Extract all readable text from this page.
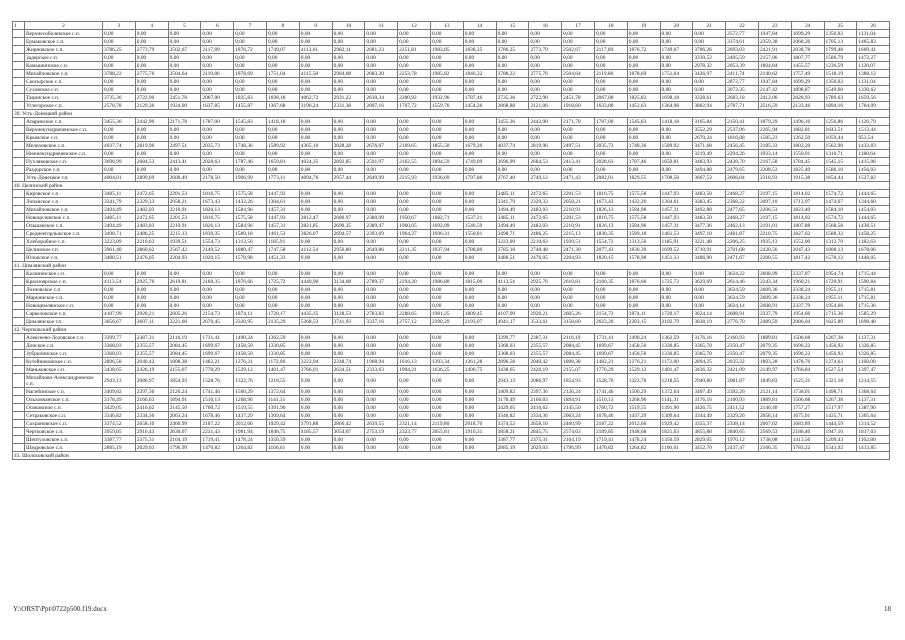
1	2	3	4	5	6	7	8	9	10	11	12	13	14	15	16	17	18	19	20	21	22	23	24	25	26
	Верхнесоболевское с.п.	0,00	0,00	0,00	0,00	0,00	0,00	0,00	0,00	0,00	0,00	0,00	0,00	0,00	0,00	0,00	0,00	0,00	0,00	0,00	2572,77	1947,84	1699,29	1350,02	1131,04
	Ермаковское с.п.	0,00	0,00	0,00	0,00	0,00	0,00	0,00	0,00	0,00	0,00	0,00	0,00	0,00	0,00	0,00	0,00	0,00	0,00	0,00	3374,61	2359,38	2068,26	1705,13	1465,83
	Жирновское с.п.	3786,25	2773,79	2502,67	2117,89	1876,72	1749,07	4113,61	2982,11	2681,23	2251,81	1983,85	1838,35	3786,25	2773,79	2502,67	2117,89	1876,72	1749,07	3706,26	2693,03	2421,91	2038,78	1799,48	1669,41
	Задерское с.п.	0,00	0,00	0,00	0,00	0,00	0,00	0,00	0,00	0,00	0,00	0,00	0,00	0,00	0,00	0,00	0,00	0,00	0,00	3330,52	2405,59	2157,06	1807,77	1586,79	1472,27
	Комышинское с.п.	0,00	0,00	0,00	0,00	0,00	0,00	0,00	0,00	0,00	0,00	0,00	0,00	0,00	0,00	0,00	0,00	0,00	0,00	2978,32	2053,39	1804,84	1455,57	1236,59	1120,07
	Михайловское с.п.	3788,22	2775,76	2504,64	2119,86	1878,69	1751,04	4115,58	2984,08	2683,20	2253,78	1985,82	1840,32	3788,22	2775,76	2504,64	2119,86	1878,69	1751,04	3426,97	2411,74	2140,62	1757,49	1518,19	1388,12
	Скосырское с.п.	0,00	0,00	0,00	0,00	0,00	0,00	0,00	0,00	0,00	0,00	0,00	0,00	0,00	0,00	0,00	0,00	0,00	0,00	0,00	2872,77	1947,84	1699,29	1350,02	1131,04
	Суховское с.п.	0,00	0,00	0,00	0,00	0,00	0,00	0,00	0,00	0,00	0,00	0,00	0,00	0,00	0,00	0,00	0,00	0,00	0,00	0,00	3072,35	2147,42	1898,87	1549,60	1330,62
	Тацинское с.п.	3735,36	2722,90	2451,78	2067,00	1825,83	1698,18	4062,72	2931,22	2630,34	2200,92	1932,96	1787,46	3735,36	2722,90	2451,78	2067,00	1825,83	1698,18	3328,61	2683,18	2412,06	2028,93	1789,63	1659,56
	Углегорское с.п.	2578,78	2129,36	1924,00	1637,85	1455,87	1367,68	3196,24	2331,38	2097,16	1767,72	1559,76	1454,26	2868,88	2121,06	1918,60	1633,80	1452,63	1364,98	3802,94	2787,71	2516,59	2133,46	1894,16	1764,09
39. Усть-Донецкий район																									
	Апаринское с.п.	3455,36	2442,90	2171,78	1787,00	1545,83	1418,18	0,00	0,00	0,00	0,00	0,00	0,00	3455,36	2442,90	2171,78	1787,00	1545,83	1418,18	3165,84	2150,41	1879,29	1496,16	1256,86	1126,79
	Верхнекундрюченское с.п.	0,00	0,00	0,00	0,00	0,00	0,00	0,00	0,00	0,00	0,00	0,00	0,00	0,00	0,00	0,00	0,00	0,00	0,00	3552,29	2537,06	2265,94	1882,81	1643,51	1513,44
	Крымское с.п.	0,00	0,00	0,00	0,00	0,00	0,00	0,00	0,00	0,00	0,00	0,00	0,00	0,00	0,00	0,00	0,00	0,00	0,00	2670,24	1816,08	1585,23	1262,50	1059,44	953,54
	Мелиховское с.п.	4037,74	2819,96	2497,51	2035,73	1748,36	1589,92	4365,10	3028,28	2676,07	2169,65	1855,50	1679,20	4037,74	2819,96	2497,51	2035,73	1748,36	1589,92	3471,68	2456,45	2185,33	1802,20	1562,90	1432,83
	Нижнекундрюченское с.п.	0,00	0,00	0,00	0,00	0,00	0,00	0,00	0,00	0,00	0,00	0,00	0,00	0,00	0,00	0,00	0,00	0,00	0,00	3219,49	2294,26	1933,14	1550,01	1310,71	1180,64
	Пухляковское с.п.	3696,99	2684,53	2413,41	2028,63	1787,46	1659,81	4024,35	2892,85	2591,97	2162,55	1894,59	1749,09	3696,99	2684,53	2413,41	2028,63	1787,46	1659,81	3483,93	2438,70	2167,58	1784,45	1545,15	1415,08
	Раздорское с.п.	0,00	0,00	0,00	0,00	0,00	0,00	0,00	0,00	0,00	0,00	0,00	0,00	0,00	0,00	0,00	0,00	0,00	0,00	3494,88	2479,65	2208,53	1825,40	1586,10	1456,03
	Усть-Донецкое г.п.	4004,01	2899,69	2600,49	2178,50	1906,99	1773,11	4094,76	2957,44	2649,99	2215,93	1936,69	1797,86	3767,40	2749,12	2471,43	2082,01	1829,55	1708,58	3667,53	2606,04	2318,93	1915,38	1654,44	1527,82
40. Целинский район																									
	Кировское с.п.	3485,11	2472,65	2201,53	1816,75	1575,58	1447,93	0,00	0,00	0,00	0,00	0,00	0,00	3485,11	2472,65	2201,53	1816,75	1575,58	1447,93	3483,50	2468,27	2197,15	1814,02	1574,72	1444,65
	Лопанское с.п.	3341,79	2329,33	2058,21	1673,43	1432,26	1304,61	0,00	0,00	0,00	0,00	0,00	0,00	3341,79	2329,33	2058,21	1673,43	1432,26	1304,61	3383,45	2368,22	2097,10	1713,97	1474,67	1344,60
	Михайловское с.п.	3494,49	2482,03	2210,91	1826,13	1584,96	1457,31	0,00	0,00	0,00	0,00	0,00	0,00	3494,49	2482,03	2210,91	1826,13	1584,96	1457,31	3492,88	2477,65	2206,53	1823,40	1584,10	1454,03
	Новоцелинское с.п.	3485,11	2472,65	2201,53	1816,75	1575,58	1447,93	3812,47	2680,97	2380,09	1950,67	1682,71	1537,21	3485,11	2472,65	2201,53	1816,75	1575,58	1447,93	3483,50	2468,27	2197,15	1814,02	1574,72	1444,65
	Ольшанское с.п.	3494,49	2483,03	2210,91	1826,13	1584,96	1457,31	3821,85	2690,35	2389,47	1960,05	1692,09	1546,59	3494,49	2482,03	2210,91	1826,13	1584,96	1457,31	3477,36	2462,13	2191,01	1807,88	1568,58	1438,51
	Среднеегорлыкское с.п.	3498,71	2486,25	2215,13	1830,35	1589,18	1461,53	3826,07	2694,57	2393,69	1964,37	1696,31	1550,81	3498,71	2486,25	2215,13	1830,35	1589,18	1461,53	3497,10	2481,87	2210,75	1827,62	1588,32	1458,25
	Хлеборобное с.п.	3223,09	2210,63	1939,51	1554,73	1313,56	1185,91	0,00	0,00	0,00	0,00	0,00	0,00	3223,09	2210,63	1939,51	1554,73	1313,56	1185,91	3221,48	2206,25	1935,13	1552,00	1312,70	1182,63
	Целинское г.п.	3961,40	2860,62	2567,42	2149,52	1880,47	1747,58	4112,54	2956,80	2649,86	2211,35	1937,94	1788,80	3785,18	2748,48	2471,30	2077,43	1830,30	1699,52	3710,91	2701,68	2430,56	2047,43	1808,13	1678,06
	Юловское с.п.	3488,51	2476,05	2204,93	1820,15	1578,98	1451,33	0,00	0,00	0,00	0,00	0,00	0,00	3488,51	2476,05	2204,93	1820,15	1578,98	1451,33	3486,90	2471,67	2200,55	1817,42	1578,12	1448,05
41. Цимлянский район																									
	Калининское с.п.	0,00	0,00	0,00	0,00	0,00	0,00	0,00	0,00	0,00	0,00	0,00	0,00	0,00	0,00	0,00	0,00	0,00	0,00	0,00	3624,22	2608,99	2337,87	1954,74	1715,44
	Красноярское с.п.	4113,54	2925,76	2610,81	2160,35	1876,66	1725,72	4440,90	3134,08	2789,37	2294,20	1986,80	1815,00	4113,54	2925,76	2610,81	2160,35	1876,66	1725,72	3629,69	2614,46	2343,34	1960,21	1720,91	1590,84
	Лозновское с.п.	0,00	0,00	0,00	0,00	0,00	0,00	0,00	0,00	0,00	0,00	0,00	0,00	0,00	0,00	0,00	0,00	0,00	0,00	0,00	3624,59	2609,36	2338,24	1955,11	1715,81
	Маркинское с.п.	0,00	0,00	0,00	0,00	0,00	0,00	0,00	0,00	0,00	0,00	0,00	0,00	0,00	0,00	0,00	0,00	0,00	0,00	0,00	3624,59	2609,36	2338,24	1955,11	1715,81
	Новоцимлянское с.п.	0,00	0,00	0,00	0,00	0,00	0,00	0,00	0,00	0,00	0,00	0,00	0,00	0,00	0,00	0,00	0,00	0,00	0,00	0,00	3624,14	2608,91	2337,79	1954,66	1715,36
	Саркеловское с.п.	4107,99	2920,21	2605,26	2154,73	1874,11	1720,17	4435,35	3128,53	2783,82	2288,65	1981,25	1809,45	4107,99	2920,21	2605,26	2154,73	1874,11	1720,17	3624,14	2608,91	2337,79	1954,66	1715,36	1585,29
	Цимлянское г.п.	3056,67	3607,11	2221,60	2670,45	2320,95	2135,29	5268,53	3741,93	3337,16	2757,12	2390,29	2193,07	4941,17	3533,61	3158,60	2623,20	2283,15	2102,79	3838,19	2776,70	2489,59	2086,04	1825,80	1698,48
42. Чертковский район																									
	Алексеево-Лозовское с.п.	3399,77	2387,31	2116,19	1731,41	1490,24	1362,59	0,00	0,00	0,00	0,00	0,00	0,00	3399,77	2387,31	2116,19	1731,41	1490,24	1362,59	3176,16	2160,93	1889,81	1506,68	1267,38	1137,31
	Донское с.п.	3368,03	2355,57	2084,45	1699,67	1458,50	1330,85	0,00	0,00	0,00	0,00	0,00	0,00	3368,03	2355,57	2084,45	1699,67	1458,50	1330,85	3365,70	2350,47	2079,35	1696,22	1456,92	1326,85
	Зубрилинское с.п.	3368,03	2355,57	2084,45	1699,67	1458,50	1330,85	0,00	0,00	0,00	0,00	0,00	0,00	3368,03	2355,57	2084,45	1699,67	1458,50	1330,85	3365,70	2350,47	2079,35	1696,22	1456,92	1326,85
	Кутейниковское с.п.	2896,58	2040,42	1808,38	1482,21	1276,21	1172,00	3223,94	2248,74	1968,94	1616,13	1393,34	1261,28	2896,58	2040,42	1808,38	1482,21	1276,21	1172,00	2894,25	2035,32	1803,28	1478,76	1274,63	1168,00
	Маньковское с.п.	3438,65	2426,19	2155,07	1770,29	1529,12	1401,47	3766,01	2634,51	2333,63	1904,21	1636,25	1490,75	3438,65	2426,19	2155,07	1770,29	1529,12	1401,47	3436,32	2421,09	2149,97	1766,84	1527,54	1397,47
	Михайлово-Александровское с.п.	2943,13	2086,97	1854,93	1528,76	1322,76	1218,55	0,00	0,00	0,00	0,00	0,00	0,00	2943,13	2086,97	1854,93	1528,76	1322,76	1218,55	2940,80	2081,87	1849,83	1525,31	1321,18	1214,55
	Нагибинское с.п.	3409,82	2397,36	2126,24	1741,46	1500,29	1372,64	0,00	0,00	0,00	0,00	0,00	0,00	3409,82	2397,36	2126,24	1741,46	1500,29	1372,64	3407,49	2392,26	2121,14	1738,01	1498,71	1368,64
	Ольховчанское с.п.	3178,49	2166,03	1894,91	1510,13	1268,96	1141,31	0,00	0,00	0,00	0,00	0,00	0,00	3178,49	2166,03	1894,91	1510,13	1268,96	1141,31	3176,16	2160,93	1889,81	1506,68	1267,38	1137,31
	Осиковское с.п.	3429,05	2416,62	2145,50	1760,72	1519,55	1391,90	0,00	0,00	0,00	0,00	0,00	0,00	3429,05	2416,62	2145,50	1760,72	1519,55	1391,90	3426,75	2411,52	2140,40	1757,27	1517,97	1387,90
	Сетраковское с.п.	3346,82	2334,36	2063,24	1678,46	1437,29	1309,64	0,00	0,00	0,00	0,00	0,00	0,00	3346,82	2334,36	2063,24	1678,46	1437,29	1309,64	3344,49	2329,26	2058,14	1675,01	1435,71	1305,64
	Сохрановское с.п.	3374,52	2658,10	2460,99	2187,22	2012,66	1929,42	3791,88	2866,42	2639,55	2321,14	2119,80	2018,70	3374,52	2658,10	2460,99	2187,22	2012,66	1929,42	3355,37	2338,14	2067,02	1683,89	1444,59	1314,52
	Чертковское с.п.	3959,85	2910,43	2630,07	2231,43	1981,94	1848,75	4185,57	3054,07	2753,19	2323,77	2055,81	1910,31	3858,21	2845,75	2574,63	2189,85	1948,68	1821,03	3855,88	2840,65	2569,53	2186,40	1947,10	1817,03
	Шептуховское с.п.	3387,77	2375,31	2104,19	1719,41	1478,24	1350,59	0,00	0,00	0,00	0,00	0,00	0,00	3387,77	2375,31	2104,19	1719,41	1478,24	1350,59	2829,05	1970,12	1738,08	1413,56	1209,43	1102,80
	Щедровское с.п.	2885,19	2029,03	1796,99	1470,82	1264,82	1160,61	0,00	0,00	0,00	0,00	0,00	0,00	2885,19	2029,03	1796,99	1470,82	1264,82	1160,61	3452,70	2437,47	2166,35	1783,22	1543,92	1413,85
43. Шолоховский район																									
Y:\ORST\Ppt\0722p500.f19.docx	18
